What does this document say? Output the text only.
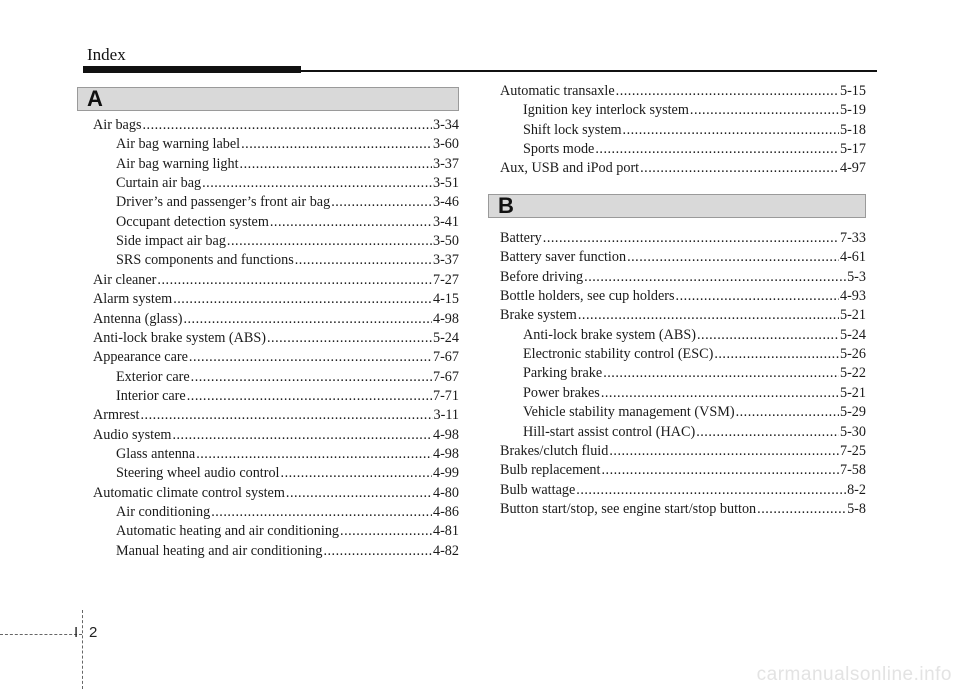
Index
A
Air bags .....	3-34
Air bag warning label .....	3-60
Air bag warning light .....	3-37
Curtain air bag .....	3-51
Driver’s and passenger’s front air bag .....	3-46
Occupant detection system .....	3-41
Side impact air bag .....	3-50
SRS components and functions .....	3-37
Air cleaner .....	7-27
Alarm system .....	4-15
Antenna (glass) .....	4-98
Anti-lock brake system (ABS) .....	5-24
Appearance care .....	7-67
Exterior care .....	7-67
Interior care .....	7-71
Armrest .....	3-11
Audio system .....	4-98
Glass antenna .....	4-98
Steering wheel audio control .....	4-99
Automatic climate control system .....	4-80
Air conditioning .....	4-86
Automatic heating and air conditioning .....	4-81
Manual heating and air conditioning .....	4-82
Automatic transaxle .....	5-15
Ignition key interlock system .....	5-19
Shift lock system .....	5-18
Sports mode .....	5-17
Aux, USB and iPod port .....	4-97
B
Battery .....	7-33
Battery saver function .....	4-61
Before driving .....	5-3
Bottle holders, see cup holders .....	4-93
Brake system .....	5-21
Anti-lock brake system (ABS) .....	5-24
Electronic stability control (ESC) .....	5-26
Parking brake .....	5-22
Power brakes .....	5-21
Vehicle stability management (VSM) .....	5-29
Hill-start assist control (HAC) .....	5-30
Brakes/clutch fluid .....	7-25
Bulb replacement .....	7-58
Bulb wattage .....	8-2
Button start/stop, see engine start/stop button .....	5-8
I 2
carmanualsonline.info
